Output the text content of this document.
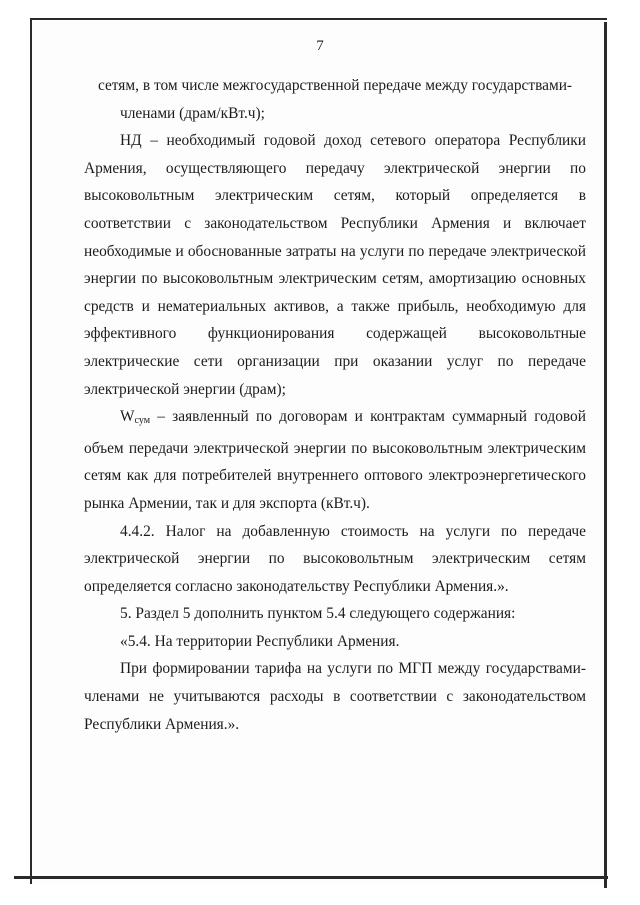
7

сетям, в том числе межгосударственной передаче между государствами-

членами (драм/кВт.ч);

НД – необходимый годовой доход сетевого оператора Республики Армения, осуществляющего передачу электрической энергии по высоковольтным электрическим сетям, который определяется в соответствии с законодательством Республики Армения и включает необходимые и обоснованные затраты на услуги по передаче электрической энергии по высоковольтным электрическим сетям, амортизацию основных средств и нематериальных активов, а также прибыль, необходимую для эффективного функционирования содержащей высоковольтные электрические сети организации при оказании услуг по передаче электрической энергии (драм);

$W_{сум}$ – заявленный по договорам и контрактам суммарный годовой объем передачи электрической энергии по высоковольтным электрическим сетям как для потребителей внутреннего оптового электроэнергетического рынка Армении, так и для экспорта (кВт.ч).

4.4.2. Налог на добавленную стоимость на услуги по передаче электрической энергии по высоковольтным электрическим сетям определяется согласно законодательству Республики Армения.».

5. Раздел 5 дополнить пунктом 5.4 следующего содержания:

«5.4. На территории Республики Армения.

При формировании тарифа на услуги по МГП между государствами-членами не учитываются расходы в соответствии с законодательством Республики Армения.».
